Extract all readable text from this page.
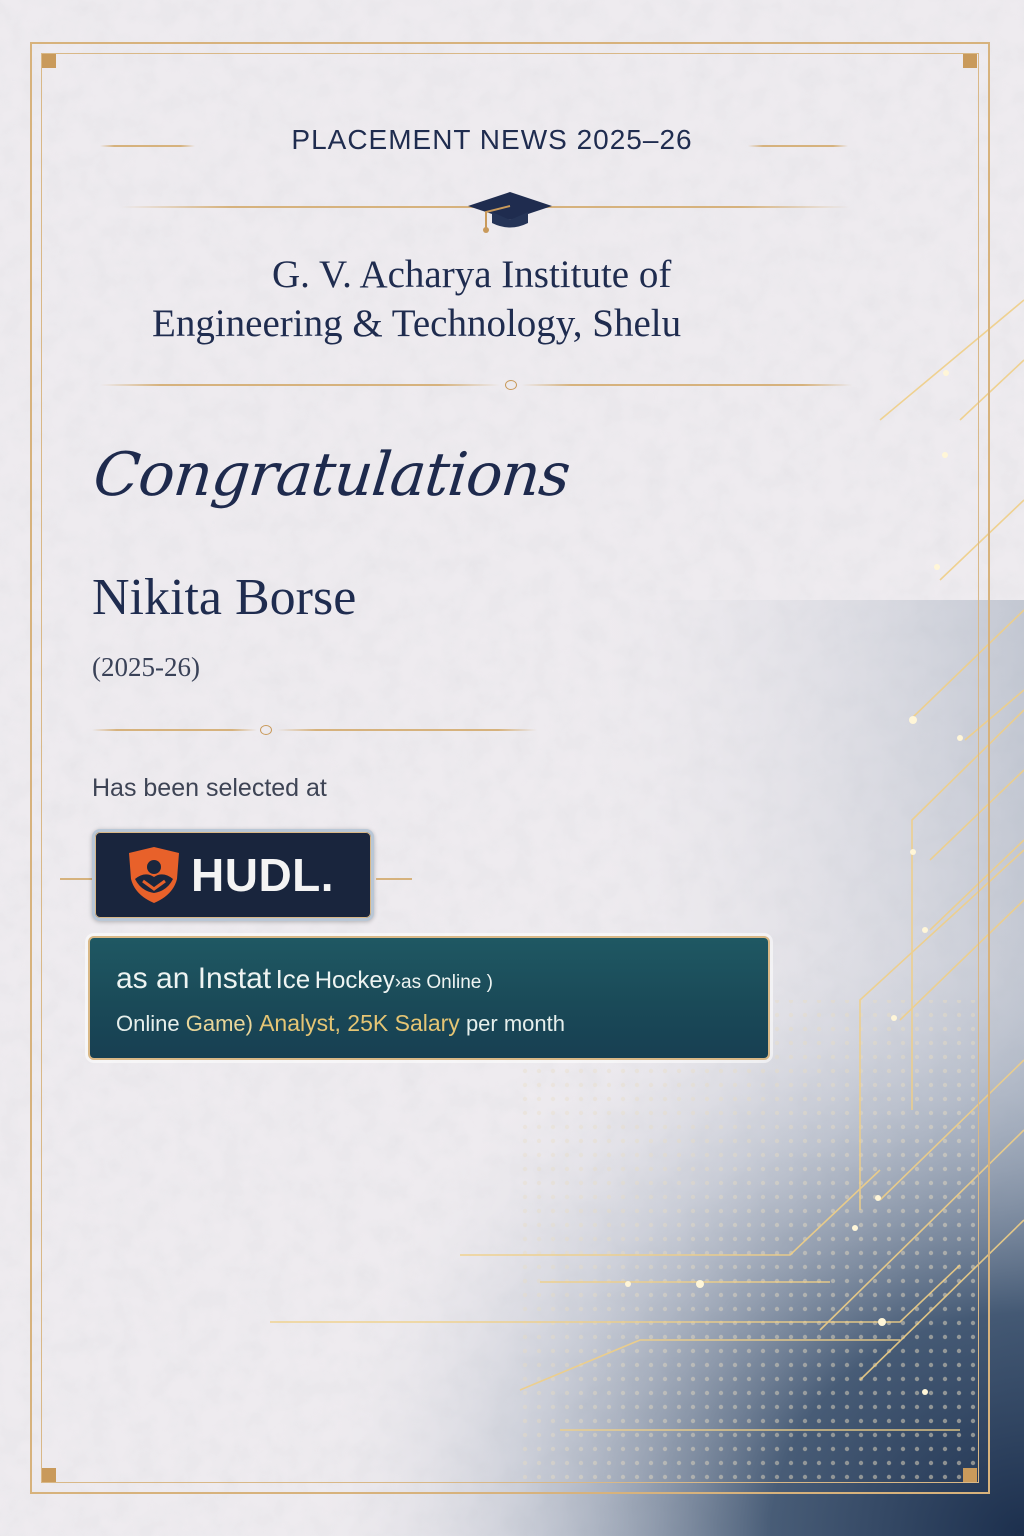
PLACEMENT NEWS 2025–26
G. V. Acharya Institute of
Engineering & Technology, Shelu
Congratulations
Nikita Borse
(2025-26)
Has been selected at
HUDL.
as an Instat Ice Hockey›as Online )
Online Game) Analyst, 25K Salary per month
